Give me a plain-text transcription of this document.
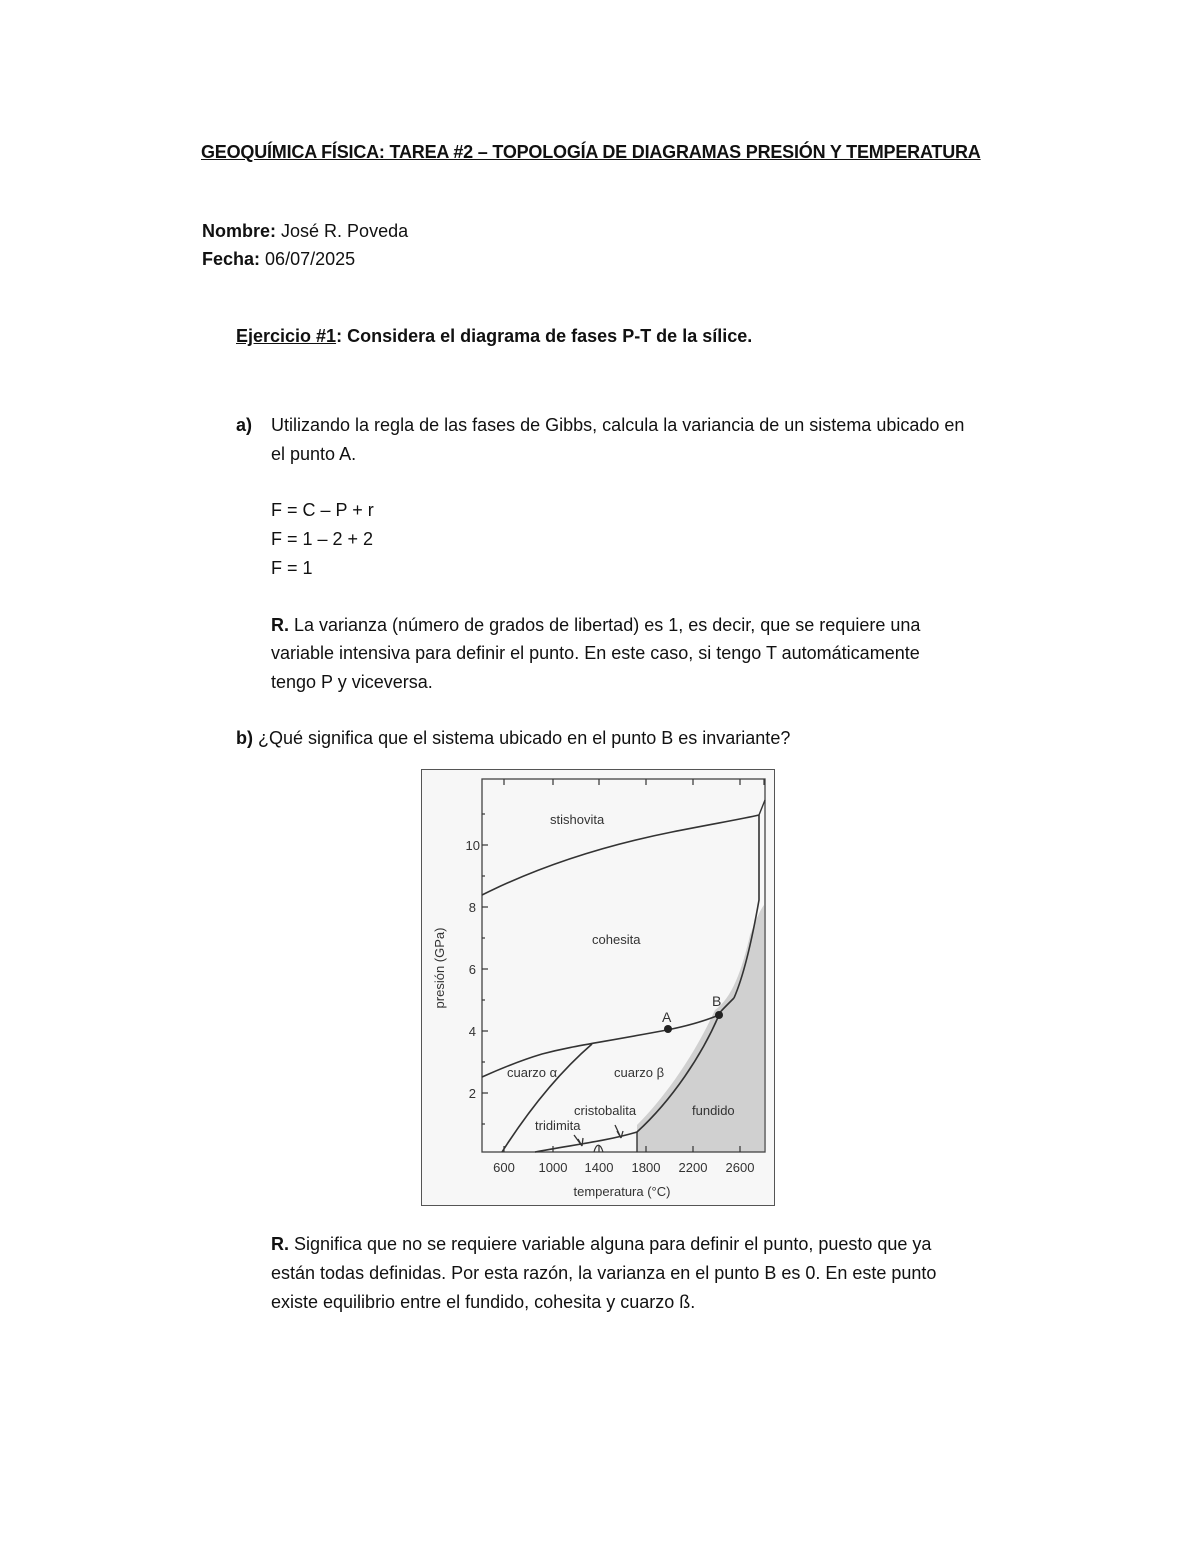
GEOQUÍMICA FÍSICA: TAREA #2 – TOPOLOGÍA DE DIAGRAMAS PRESIÓN Y TEMPERATURA
Nombre: José R. Poveda
Fecha: 06/07/2025
Ejercicio #1: Considera el diagrama de fases P-T de la sílice.
a) Utilizando la regla de las fases de Gibbs, calcula la variancia de un sistema ubicado en
el punto A.
F = C – P + r
F = 1 – 2 + 2
F = 1
R. La varianza (número de grados de libertad) es 1, es decir, que se requiere una
variable intensiva para definir el punto. En este caso, si tengo T automáticamente
tengo P y viceversa.
b) ¿Qué significa que el sistema ubicado en el punto B es invariante?
2
4
6
8
10
600 1000 1400 1800 2200 2600
temperatura (°C)
presión (GPa)
stishovita
cohesita
cuarzo α	cuarzo β
cristobalita
tridimita
fundido
A
B
R. Significa que no se requiere variable alguna para definir el punto, puesto que ya
están todas definidas. Por esta razón, la varianza en el punto B es 0. En este punto
existe equilibrio entre el fundido, cohesita y cuarzo ß.
